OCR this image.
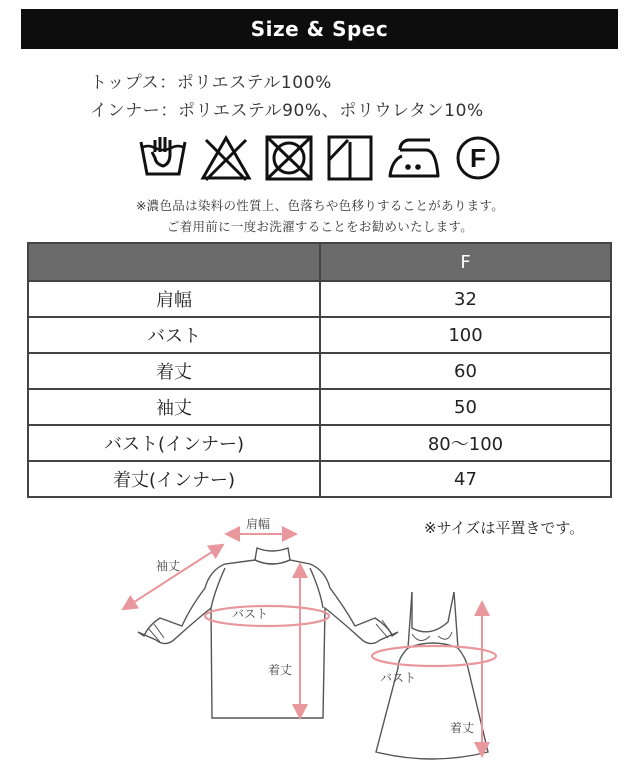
Size & Spec
トップス：ポリエステル100%
インナー：ポリエステル90%、ポリウレタン10%
F
※濃色品は染料の性質上、色落ちや色移りすることがあります。
ご着用前に一度お洗濯することをお勧めいたします。
	F
肩幅	32
バスト	100
着丈	60
袖丈	50
バスト(インナー)	80〜100
着丈(インナー)	47
※サイズは平置きです。
肩幅
袖丈
バスト
着丈
バスト
着丈
